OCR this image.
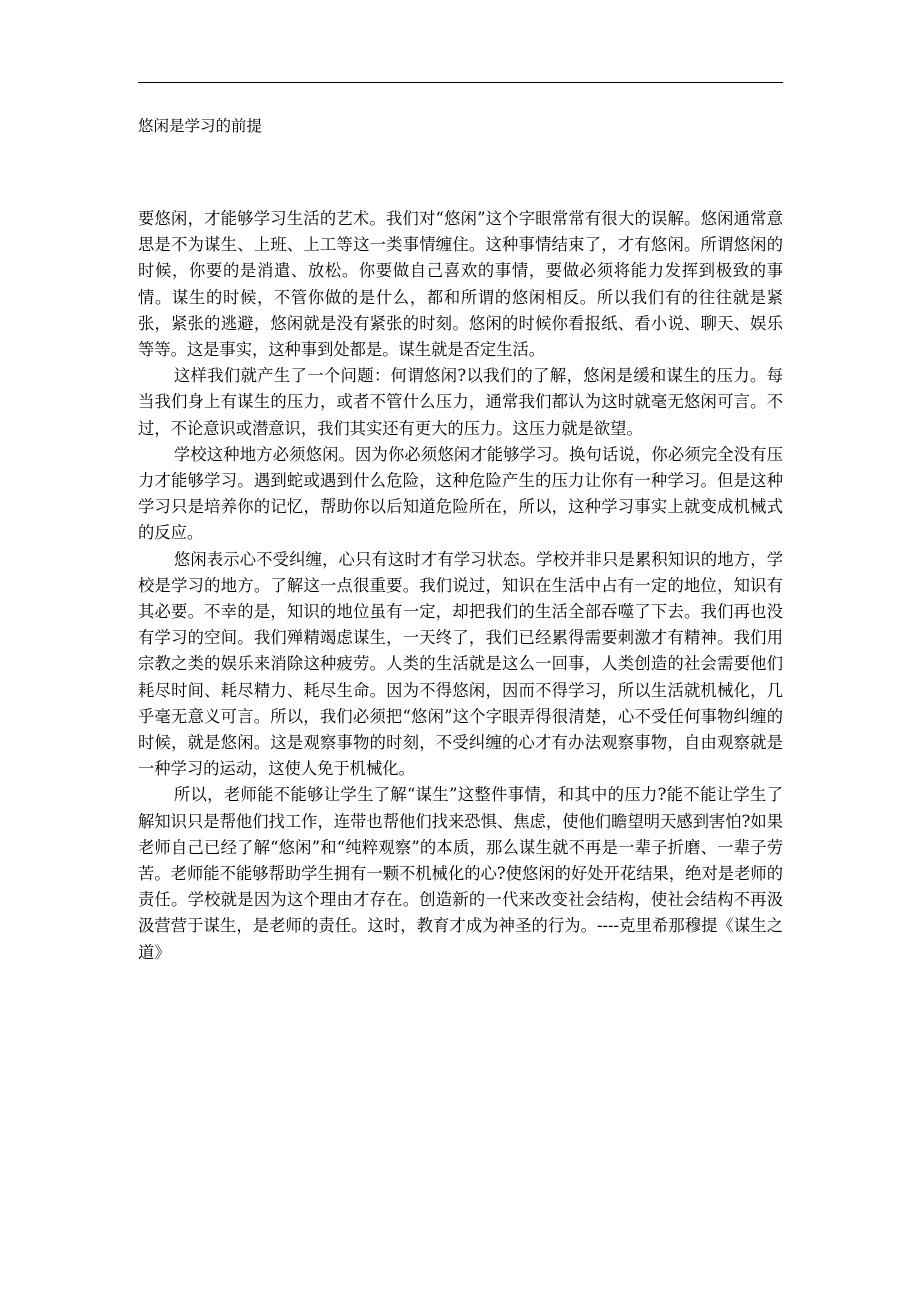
悠闲是学习的前提

要悠闲，才能够学习生活的艺术。我们对“悠闲”这个字眼常常有很大的误解。悠闲通常意思是不为谋生、上班、上工等这一类事情缠住。这种事情结束了，才有悠闲。所谓悠闲的时候，你要的是消遣、放松。你要做自己喜欢的事情，要做必须将能力发挥到极致的事情。谋生的时候，不管你做的是什么，都和所谓的悠闲相反。所以我们有的往往就是紧张，紧张的逃避，悠闲就是没有紧张的时刻。悠闲的时候你看报纸、看小说、聊天、娱乐等等。这是事实，这种事到处都是。谋生就是否定生活。

这样我们就产生了一个问题：何谓悠闲?以我们的了解，悠闲是缓和谋生的压力。每当我们身上有谋生的压力，或者不管什么压力，通常我们都认为这时就毫无悠闲可言。不过，不论意识或潜意识，我们其实还有更大的压力。这压力就是欲望。

学校这种地方必须悠闲。因为你必须悠闲才能够学习。换句话说，你必须完全没有压力才能够学习。遇到蛇或遇到什么危险，这种危险产生的压力让你有一种学习。但是这种学习只是培养你的记忆，帮助你以后知道危险所在，所以，这种学习事实上就变成机械式的反应。

悠闲表示心不受纠缠，心只有这时才有学习状态。学校并非只是累积知识的地方，学校是学习的地方。了解这一点很重要。我们说过，知识在生活中占有一定的地位，知识有其必要。不幸的是，知识的地位虽有一定，却把我们的生活全部吞噬了下去。我们再也没有学习的空间。我们殚精竭虑谋生，一天终了，我们已经累得需要刺激才有精神。我们用宗教之类的娱乐来消除这种疲劳。人类的生活就是这么一回事，人类创造的社会需要他们耗尽时间、耗尽精力、耗尽生命。因为不得悠闲，因而不得学习，所以生活就机械化，几乎毫无意义可言。所以，我们必须把“悠闲”这个字眼弄得很清楚，心不受任何事物纠缠的时候，就是悠闲。这是观察事物的时刻，不受纠缠的心才有办法观察事物，自由观察就是一种学习的运动，这使人免于机械化。

所以，老师能不能够让学生了解“谋生”这整件事情，和其中的压力?能不能让学生了解知识只是帮他们找工作，连带也帮他们找来恐惧、焦虑，使他们瞻望明天感到害怕?如果老师自己已经了解“悠闲”和“纯粹观察”的本质，那么谋生就不再是一辈子折磨、一辈子劳苦。老师能不能够帮助学生拥有一颗不机械化的心?使悠闲的好处开花结果，绝对是老师的责任。学校就是因为这个理由才存在。创造新的一代来改变社会结构，使社会结构不再汲汲营营于谋生，是老师的责任。这时，教育才成为神圣的行为。----克里希那穆提《谋生之道》
